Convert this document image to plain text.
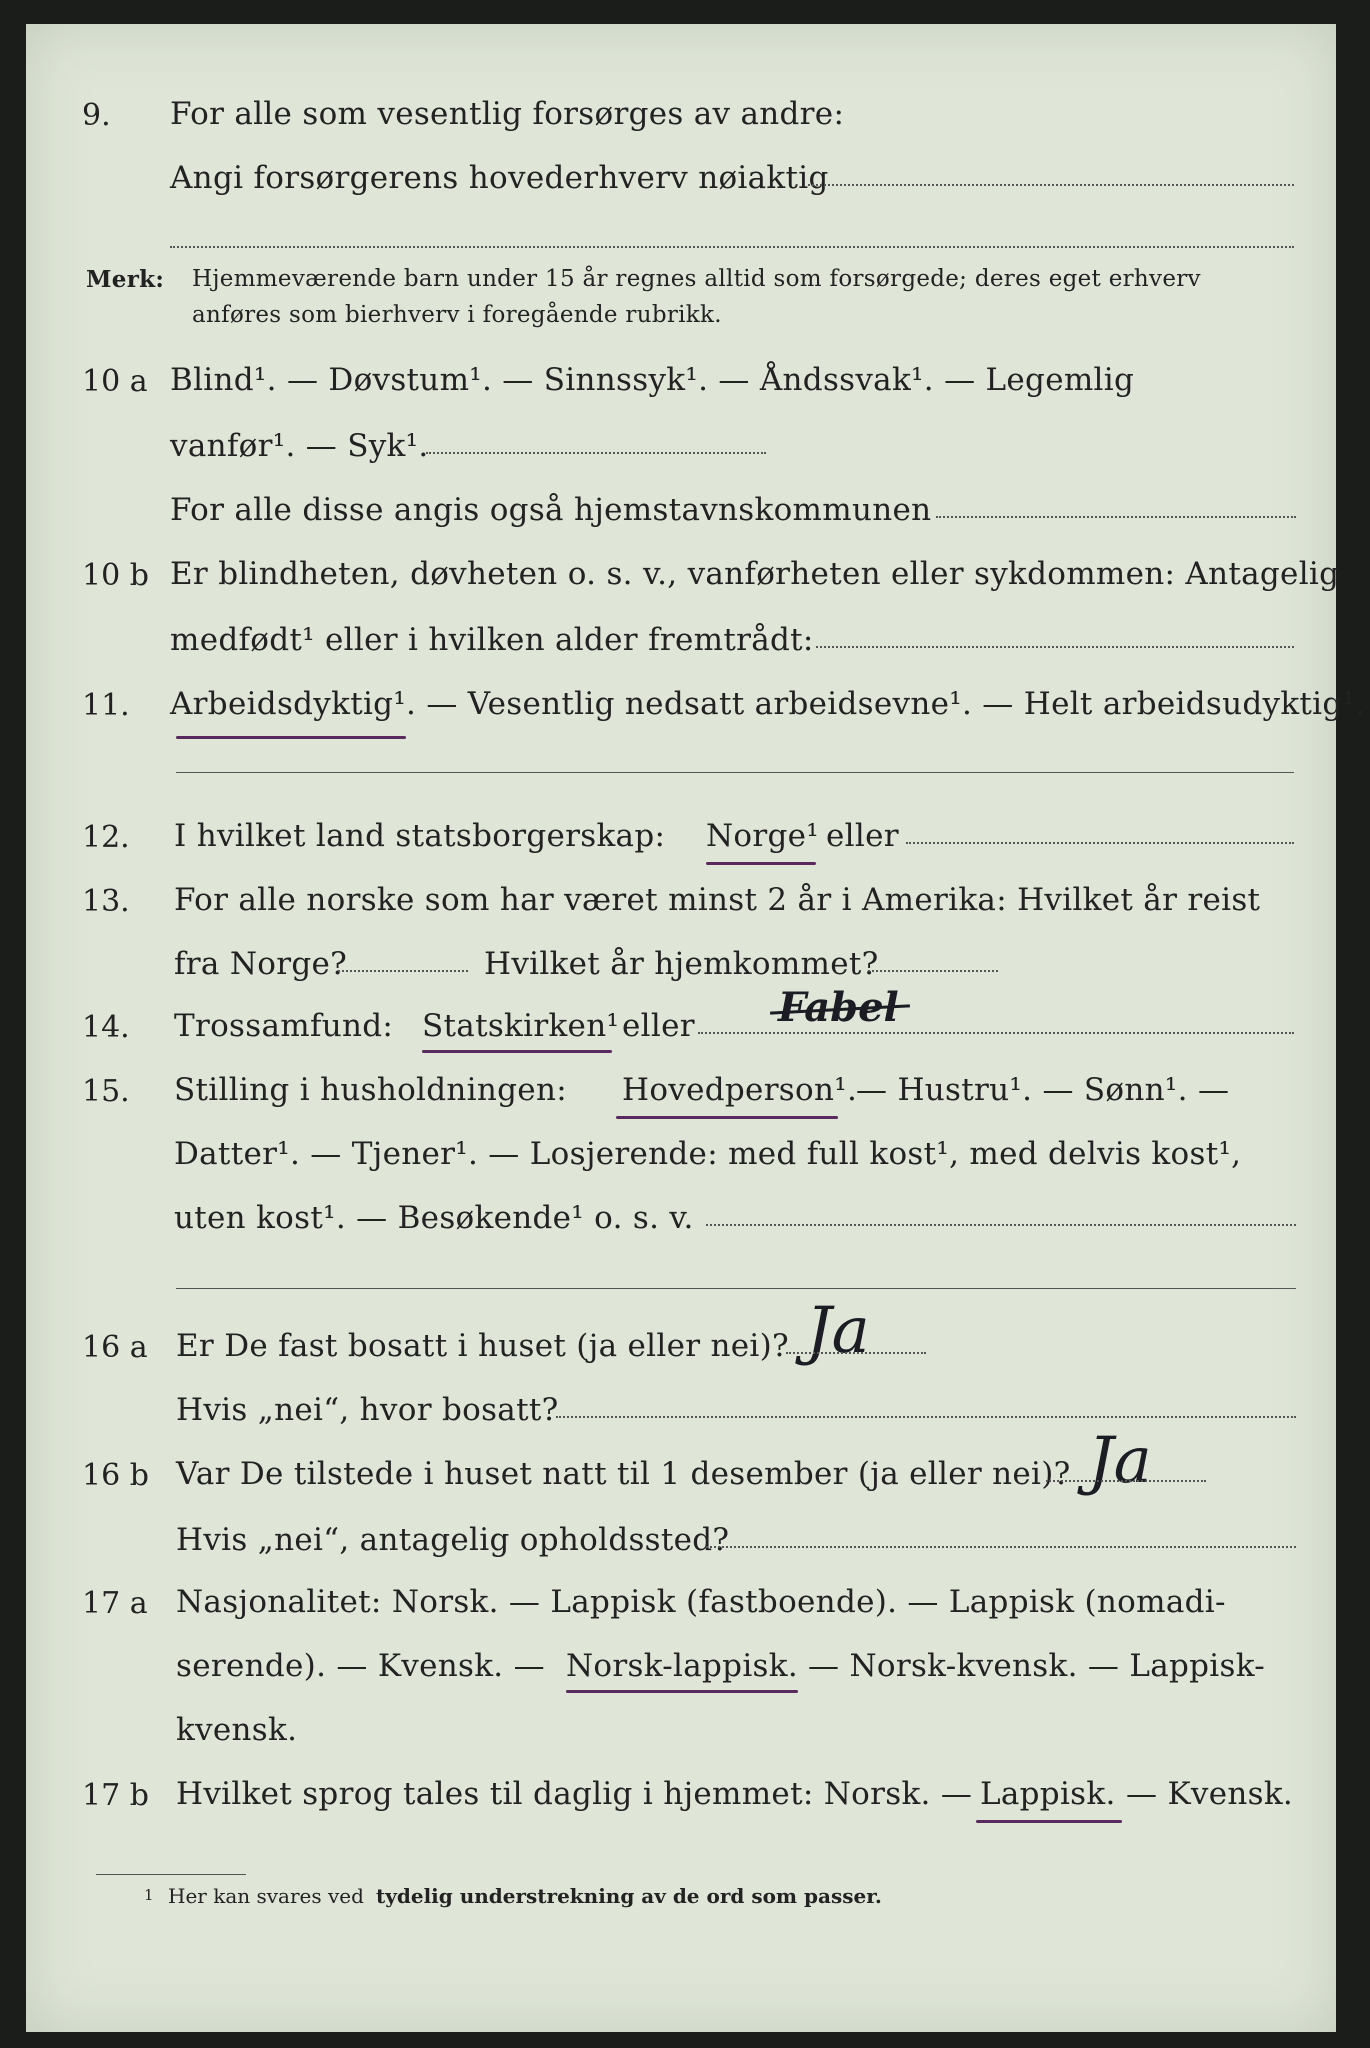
9. For alle som vesentlig forsørges av andre:
Angi forsørgerens hovederhverv nøiaktig
Merk: Hjemmeværende barn under 15 år regnes alltid som forsørgede; deres eget erhverv
anføres som bierhverv i foregående rubrikk.
10 a Blind¹. — Døvstum¹. — Sinnssyk¹. — Åndssvak¹. — Legemlig
vanfør¹. — Syk¹.
For alle disse angis også hjemstavnskommunen
10 b Er blindheten, døvheten o. s. v., vanførheten eller sykdommen: Antagelig
medfødt¹ eller i hvilken alder fremtrådt:
11. Arbeidsdyktig¹. — Vesentlig nedsatt arbeidsevne¹. — Helt arbeidsudyktig¹.
12. I hvilket land statsborgerskap: Norge¹ eller
13. For alle norske som har været minst 2 år i Amerika: Hvilket år reist
fra Norge?	Hvilket år hjemkommet?
14. Trossamfund: Statskirken¹ eller Fabel
15. Stilling i husholdningen: Hovedperson¹.
— Hustru¹. — Sønn¹. —
Datter¹. — Tjener¹. — Losjerende: med full kost¹, med delvis kost¹,
uten kost¹. — Besøkende¹ o. s. v.
16 a Er De fast bosatt i huset (ja eller nei)? Ja
Hvis „nei“, hvor bosatt?
16 b Var De tilstede i huset natt til 1 desember (ja eller nei)? Ja
Hvis „nei“, antagelig opholdssted?
17 a Nasjonalitet: Norsk. — Lappisk (fastboende). — Lappisk (nomadi-
serende). — Kvensk. — Norsk-lappisk. — Norsk-kvensk. — Lappisk-
kvensk.
17 b Hvilket sprog tales til daglig i hjemmet: Norsk. — Lappisk. — Kvensk.
1 Her kan svares ved tydelig understrekning av de ord som passer.
